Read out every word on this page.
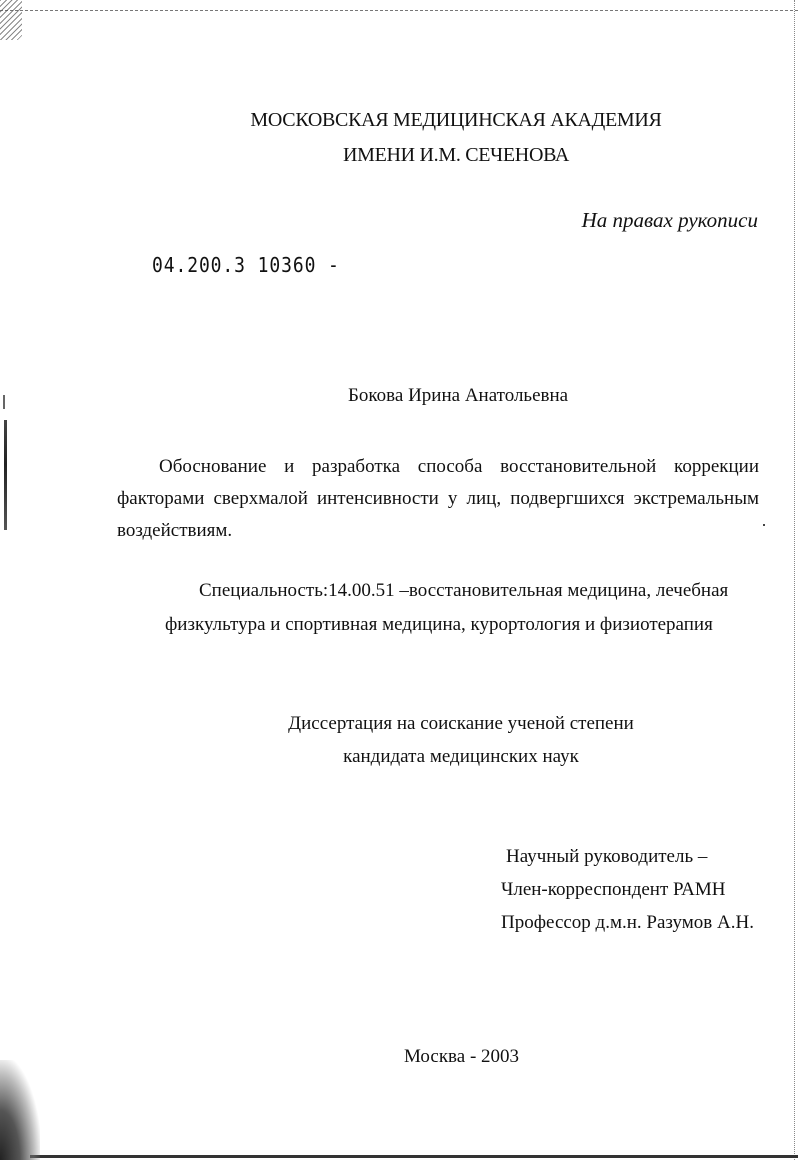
МОСКОВСКАЯ МЕДИЦИНСКАЯ АКАДЕМИЯ
ИМЕНИ И.М. СЕЧЕНОВА
На правах рукописи
04.200.3 10360 -
Бокова Ирина Анатольевна
Обоснование и разработка способа восстановительной коррекции
факторами сверхмалой интенсивности у лиц, подвергшихся экстремальным
воздействиям.
Специальность:14.00.51 –восстановительная медицина, лечебная
физкультура и спортивная медицина, курортология и физиотерапия
Диссертация на соискание ученой степени
кандидата медицинских наук
Научный руководитель –
Член-корреспондент РАМН
Профессор д.м.н. Разумов А.Н.
Москва - 2003
